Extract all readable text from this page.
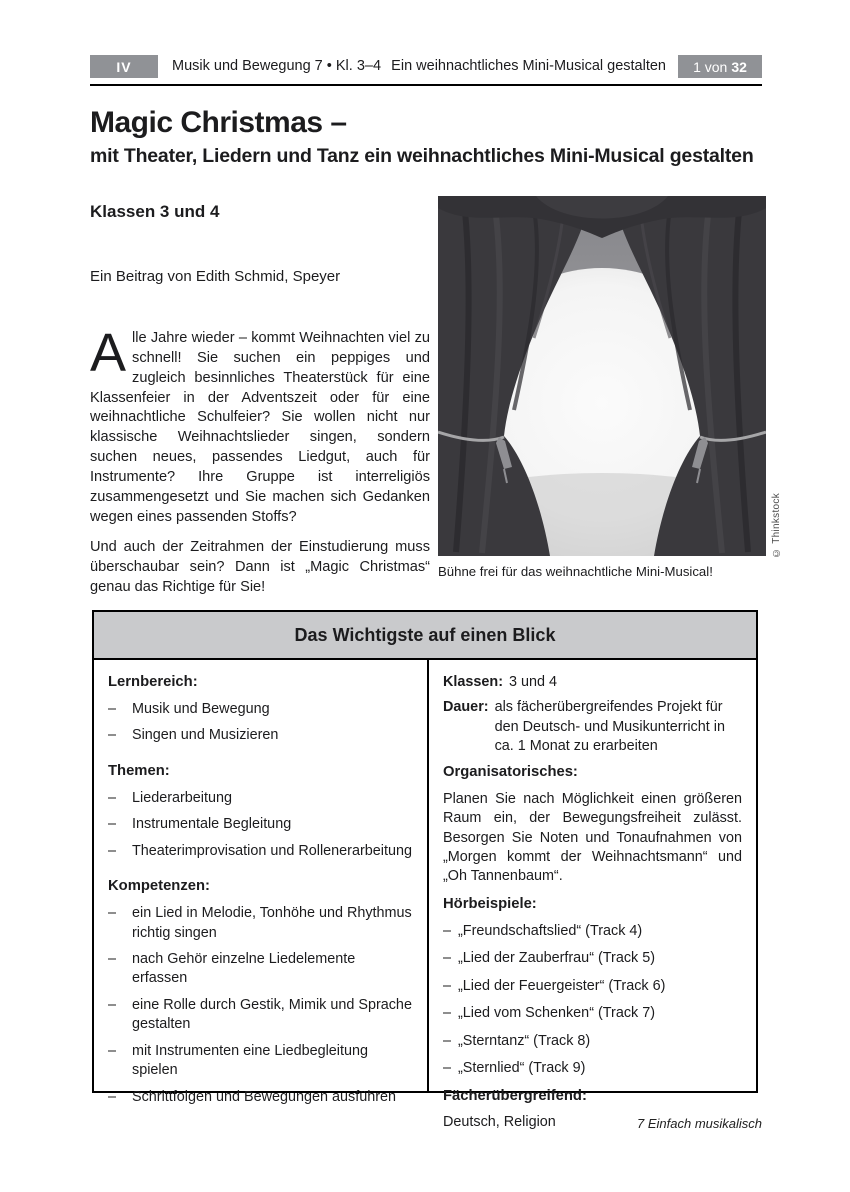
IV	Musik und Bewegung 7 • Kl. 3–4 Ein weihnachtliches Mini-Musical gestalten 1 von 32
Magic Christmas –
mit Theater, Liedern und Tanz ein weihnachtliches Mini-Musical gestalten
Klassen 3 und 4
Ein Beitrag von Edith Schmid, Speyer
Alle Jahre wieder – kommt Weihnachten viel zu schnell! Sie suchen ein peppiges und zugleich besinnliches Theaterstück für eine Klassenfeier in der Adventszeit oder für eine weihnachtliche Schulfeier? Sie wollen nicht nur klassische Weihnachtslieder singen, sondern suchen neues, passendes Liedgut, auch für Instrumente? Ihre Gruppe ist interreligiös zusammengesetzt und Sie machen sich Gedanken wegen eines passenden Stoffs?
Und auch der Zeitrahmen der Einstudierung muss überschaubar sein? Dann ist „Magic Christmas“ genau das Richtige für Sie!
Bühne frei für das weihnachtliche Mini-Musical!
© Thinkstock
Das Wichtigste auf einen Blick
Lernbereich:
–	Musik und Bewegung
–	Singen und Musizieren
Themen:
–	Liederarbeitung
–	Instrumentale Begleitung
–	Theaterimprovisation und Rollenerarbeitung
Kompetenzen:
–	ein Lied in Melodie, Tonhöhe und Rhythmus richtig singen
–	nach Gehör einzelne Liedelemente erfassen
–	eine Rolle durch Gestik, Mimik und Sprache gestalten
–	mit Instrumenten eine Liedbegleitung spielen
–	Schrittfolgen und Bewegungen ausführen
Klassen: 3 und 4
Dauer: als fächerübergreifendes Projekt für den Deutsch- und Musikunterricht in ca. 1 Monat zu erarbeiten
Organisatorisches:

Planen Sie nach Möglichkeit einen größeren Raum ein, der Bewegungsfreiheit zulässt. Besorgen Sie Noten und Tonaufnahmen von „Morgen kommt der Weihnachtsmann“ und „Oh Tannenbaum“.

Hörbeispiele:
– „Freundschaftslied“ (Track 4)
– „Lied der Zauberfrau“ (Track 5)
– „Lied der Feuergeister“ (Track 6)
– „Lied vom Schenken“ (Track 7)
– „Sterntanz“ (Track 8)
– „Sternlied“ (Track 9)
Fächerübergreifend:
Deutsch, Religion	7 Einfach musikalisch
